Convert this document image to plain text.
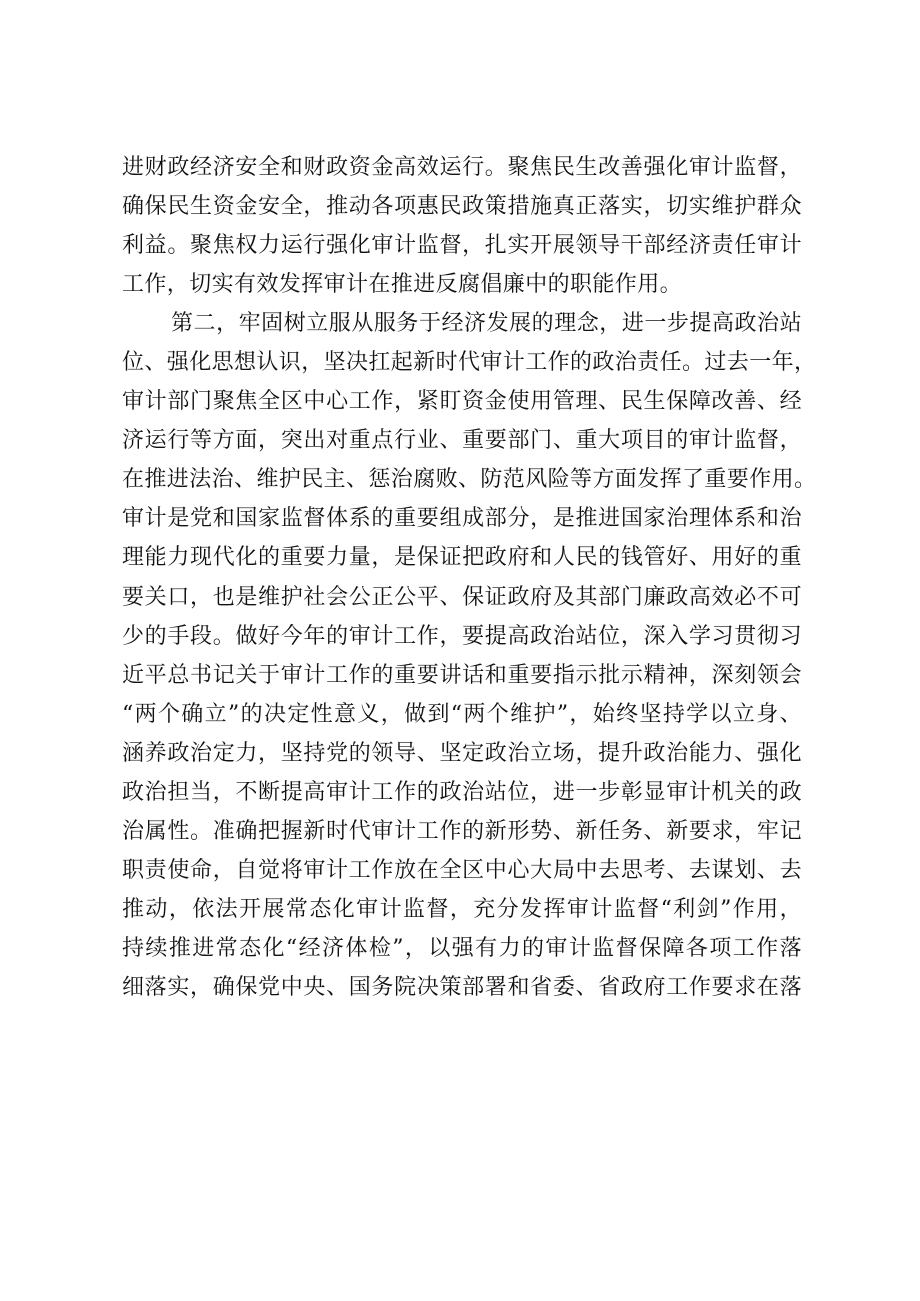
进财政经济安全和财政资金高效运行。聚焦民生改善强化审计监督，
确保民生资金安全，推动各项惠民政策措施真正落实，切实维护群众
利益。聚焦权力运行强化审计监督，扎实开展领导干部经济责任审计
工作，切实有效发挥审计在推进反腐倡廉中的职能作用。
第二，牢固树立服从服务于经济发展的理念，进一步提高政治站
位、强化思想认识，坚决扛起新时代审计工作的政治责任。过去一年，
审计部门聚焦全区中心工作，紧盯资金使用管理、民生保障改善、经
济运行等方面，突出对重点行业、重要部门、重大项目的审计监督，
在推进法治、维护民主、惩治腐败、防范风险等方面发挥了重要作用。
审计是党和国家监督体系的重要组成部分，是推进国家治理体系和治
理能力现代化的重要力量，是保证把政府和人民的钱管好、用好的重
要关口，也是维护社会公正公平、保证政府及其部门廉政高效必不可
少的手段。做好今年的审计工作，要提高政治站位，深入学习贯彻习
近平总书记关于审计工作的重要讲话和重要指示批示精神，深刻领会
“两个确立”的决定性意义，做到“两个维护”，始终坚持学以立身、
涵养政治定力，坚持党的领导、坚定政治立场，提升政治能力、强化
政治担当，不断提高审计工作的政治站位，进一步彰显审计机关的政
治属性。准确把握新时代审计工作的新形势、新任务、新要求，牢记
职责使命，自觉将审计工作放在全区中心大局中去思考、去谋划、去
推动，依法开展常态化审计监督，充分发挥审计监督“利剑”作用，
持续推进常态化“经济体检”，以强有力的审计监督保障各项工作落
细落实，确保党中央、国务院决策部署和省委、省政府工作要求在落
